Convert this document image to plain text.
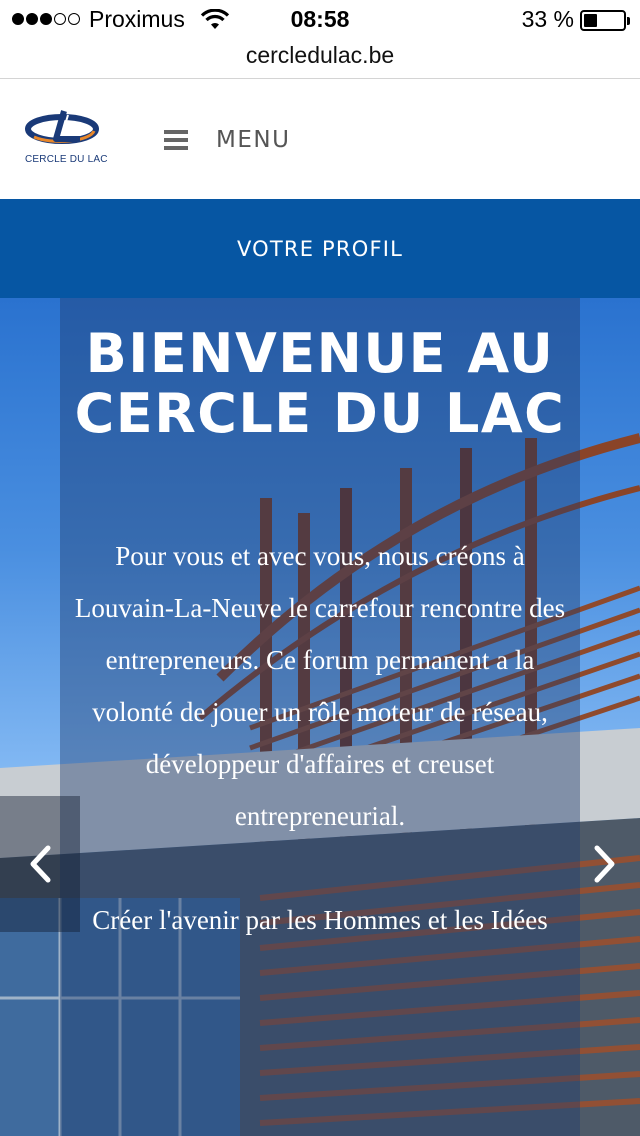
Proximus	08:58	33 %
cercledulac.be
CERCLE DU LAC
MENU
VOTRE PROFIL
BIENVENUE AU CERCLE DU LAC

Pour vous et avec vous, nous créons à Louvain-La-Neuve le carrefour rencontre des entrepreneurs. Ce forum permanent a la volonté de jouer un rôle moteur de réseau, développeur d'affaires et creuset entrepreneurial.

Créer l'avenir par les Hommes et les Idées
